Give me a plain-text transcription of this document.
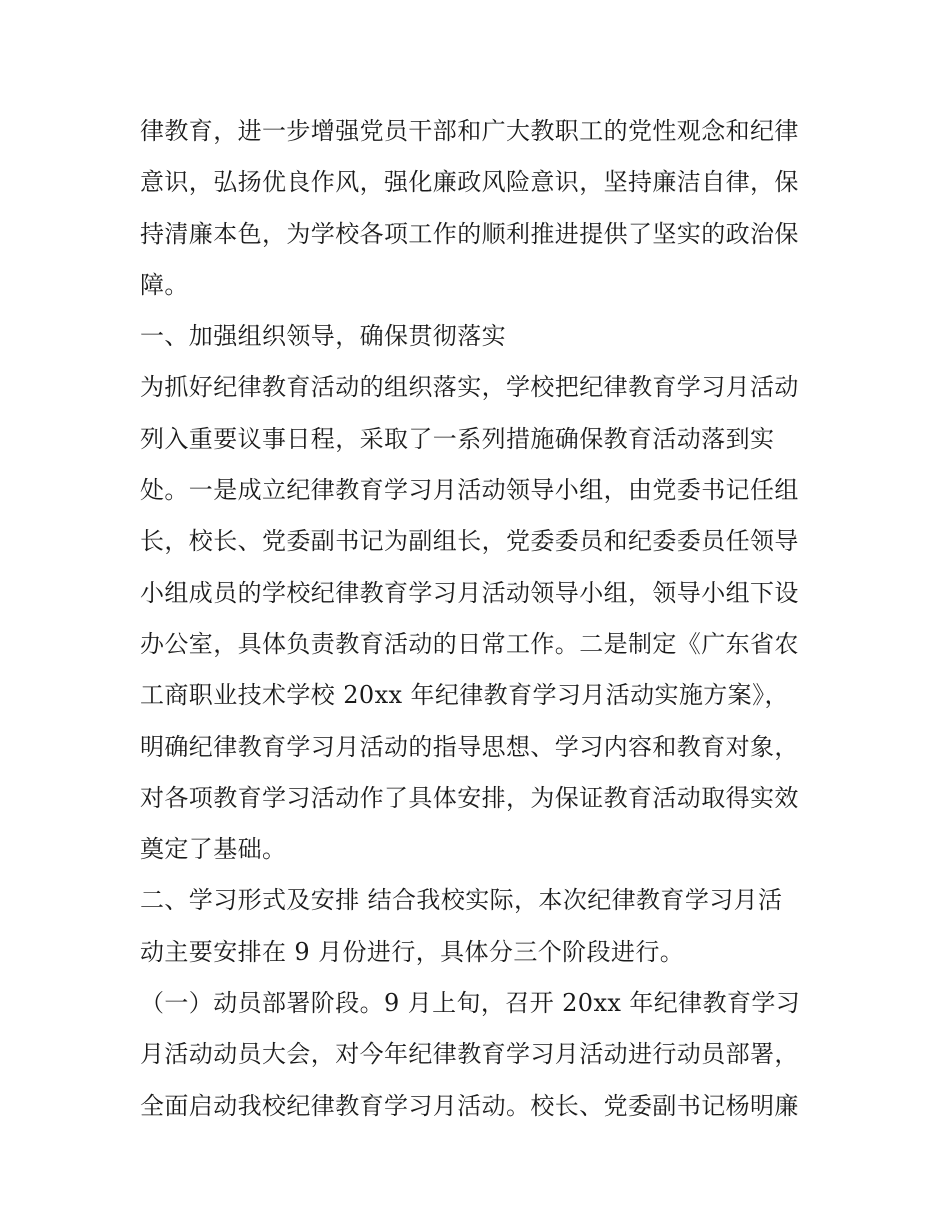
律教育，进一步增强党员干部和广大教职工的党性观念和纪律
意识，弘扬优良作风，强化廉政风险意识，坚持廉洁自律，保
持清廉本色，为学校各项工作的顺利推进提供了坚实的政治保
障。
一、加强组织领导，确保贯彻落实
为抓好纪律教育活动的组织落实，学校把纪律教育学习月活动
列入重要议事日程，采取了一系列措施确保教育活动落到实
处。一是成立纪律教育学习月活动领导小组，由党委书记任组
长，校长、党委副书记为副组长，党委委员和纪委委员任领导
小组成员的学校纪律教育学习月活动领导小组，领导小组下设
办公室，具体负责教育活动的日常工作。二是制定《广东省农
工商职业技术学校 20xx 年纪律教育学习月活动实施方案》，
明确纪律教育学习月活动的指导思想、学习内容和教育对象，
对各项教育学习活动作了具体安排，为保证教育活动取得实效
奠定了基础。
二、学习形式及安排 结合我校实际，本次纪律教育学习月活
动主要安排在 9 月份进行，具体分三个阶段进行。
（一）动员部署阶段。9 月上旬，召开 20xx 年纪律教育学习
月活动动员大会，对今年纪律教育学习月活动进行动员部署，
全面启动我校纪律教育学习月活动。校长、党委副书记杨明廉
